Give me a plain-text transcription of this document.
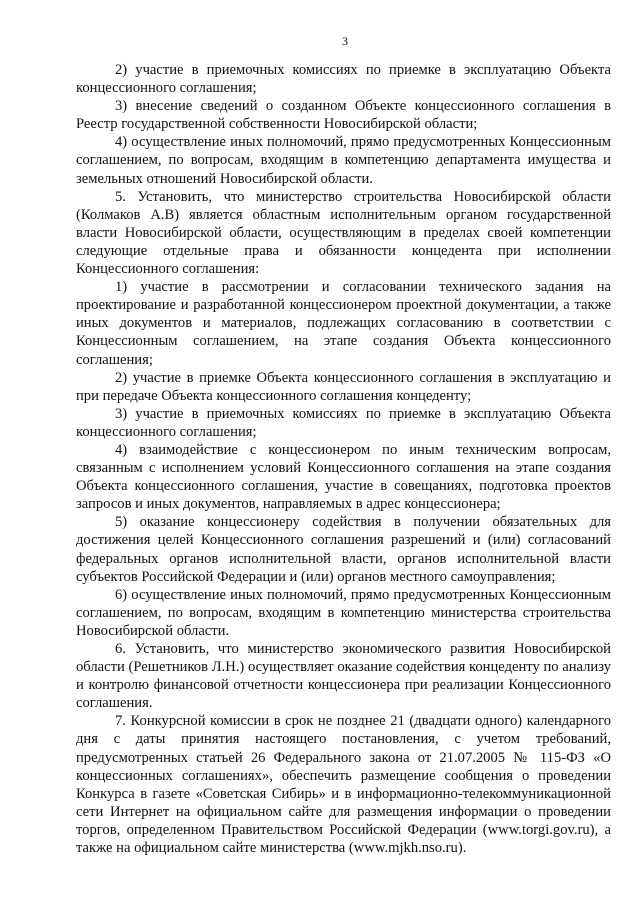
3

2) участие в приемочных комиссиях по приемке в эксплуатацию Объекта концессионного соглашения;

3) внесение сведений о созданном Объекте концессионного соглашения в Реестр государственной собственности Новосибирской области;

4) осуществление иных полномочий, прямо предусмотренных Концессионным соглашением, по вопросам, входящим в компетенцию департамента имущества и земельных отношений Новосибирской области.

5. Установить, что министерство строительства Новосибирской области (Колмаков А.В) является областным исполнительным органом государственной власти Новосибирской области, осуществляющим в пределах своей компетенции следующие отдельные права и обязанности концедента при исполнении Концессионного соглашения:

1) участие в рассмотрении и согласовании технического задания на проектирование и разработанной концессионером проектной документации, а также иных документов и материалов, подлежащих согласованию в соответствии с Концессионным соглашением, на этапе создания Объекта концессионного соглашения;

2) участие в приемке Объекта концессионного соглашения в эксплуатацию и при передаче Объекта концессионного соглашения концеденту;

3) участие в приемочных комиссиях по приемке в эксплуатацию Объекта концессионного соглашения;

4) взаимодействие с концессионером по иным техническим вопросам, связанным с исполнением условий Концессионного соглашения на этапе создания Объекта концессионного соглашения, участие в совещаниях, подготовка проектов запросов и иных документов, направляемых в адрес концессионера;

5) оказание концессионеру содействия в получении обязательных для достижения целей Концессионного соглашения разрешений и (или) согласований федеральных органов исполнительной власти, органов исполнительной власти субъектов Российской Федерации и (или) органов местного самоуправления;

6) осуществление иных полномочий, прямо предусмотренных Концессионным соглашением, по вопросам, входящим в компетенцию министерства строительства Новосибирской области.

6. Установить, что министерство экономического развития Новосибирской области (Решетников Л.Н.) осуществляет оказание содействия концеденту по анализу и контролю финансовой отчетности концессионера при реализации Концессионного соглашения.

7. Конкурсной комиссии в срок не позднее 21 (двадцати одного) календарного дня с даты принятия настоящего постановления, с учетом требований, предусмотренных статьей 26 Федерального закона от 21.07.2005 № 115-ФЗ «О концессионных соглашениях», обеспечить размещение сообщения о проведении Конкурса в газете «Советская Сибирь» и в информационно-телекоммуникационной сети Интернет на официальном сайте для размещения информации о проведении торгов, определенном Правительством Российской Федерации (www.torgi.gov.ru), а также на официальном сайте министерства (www.mjkh.nso.ru).
